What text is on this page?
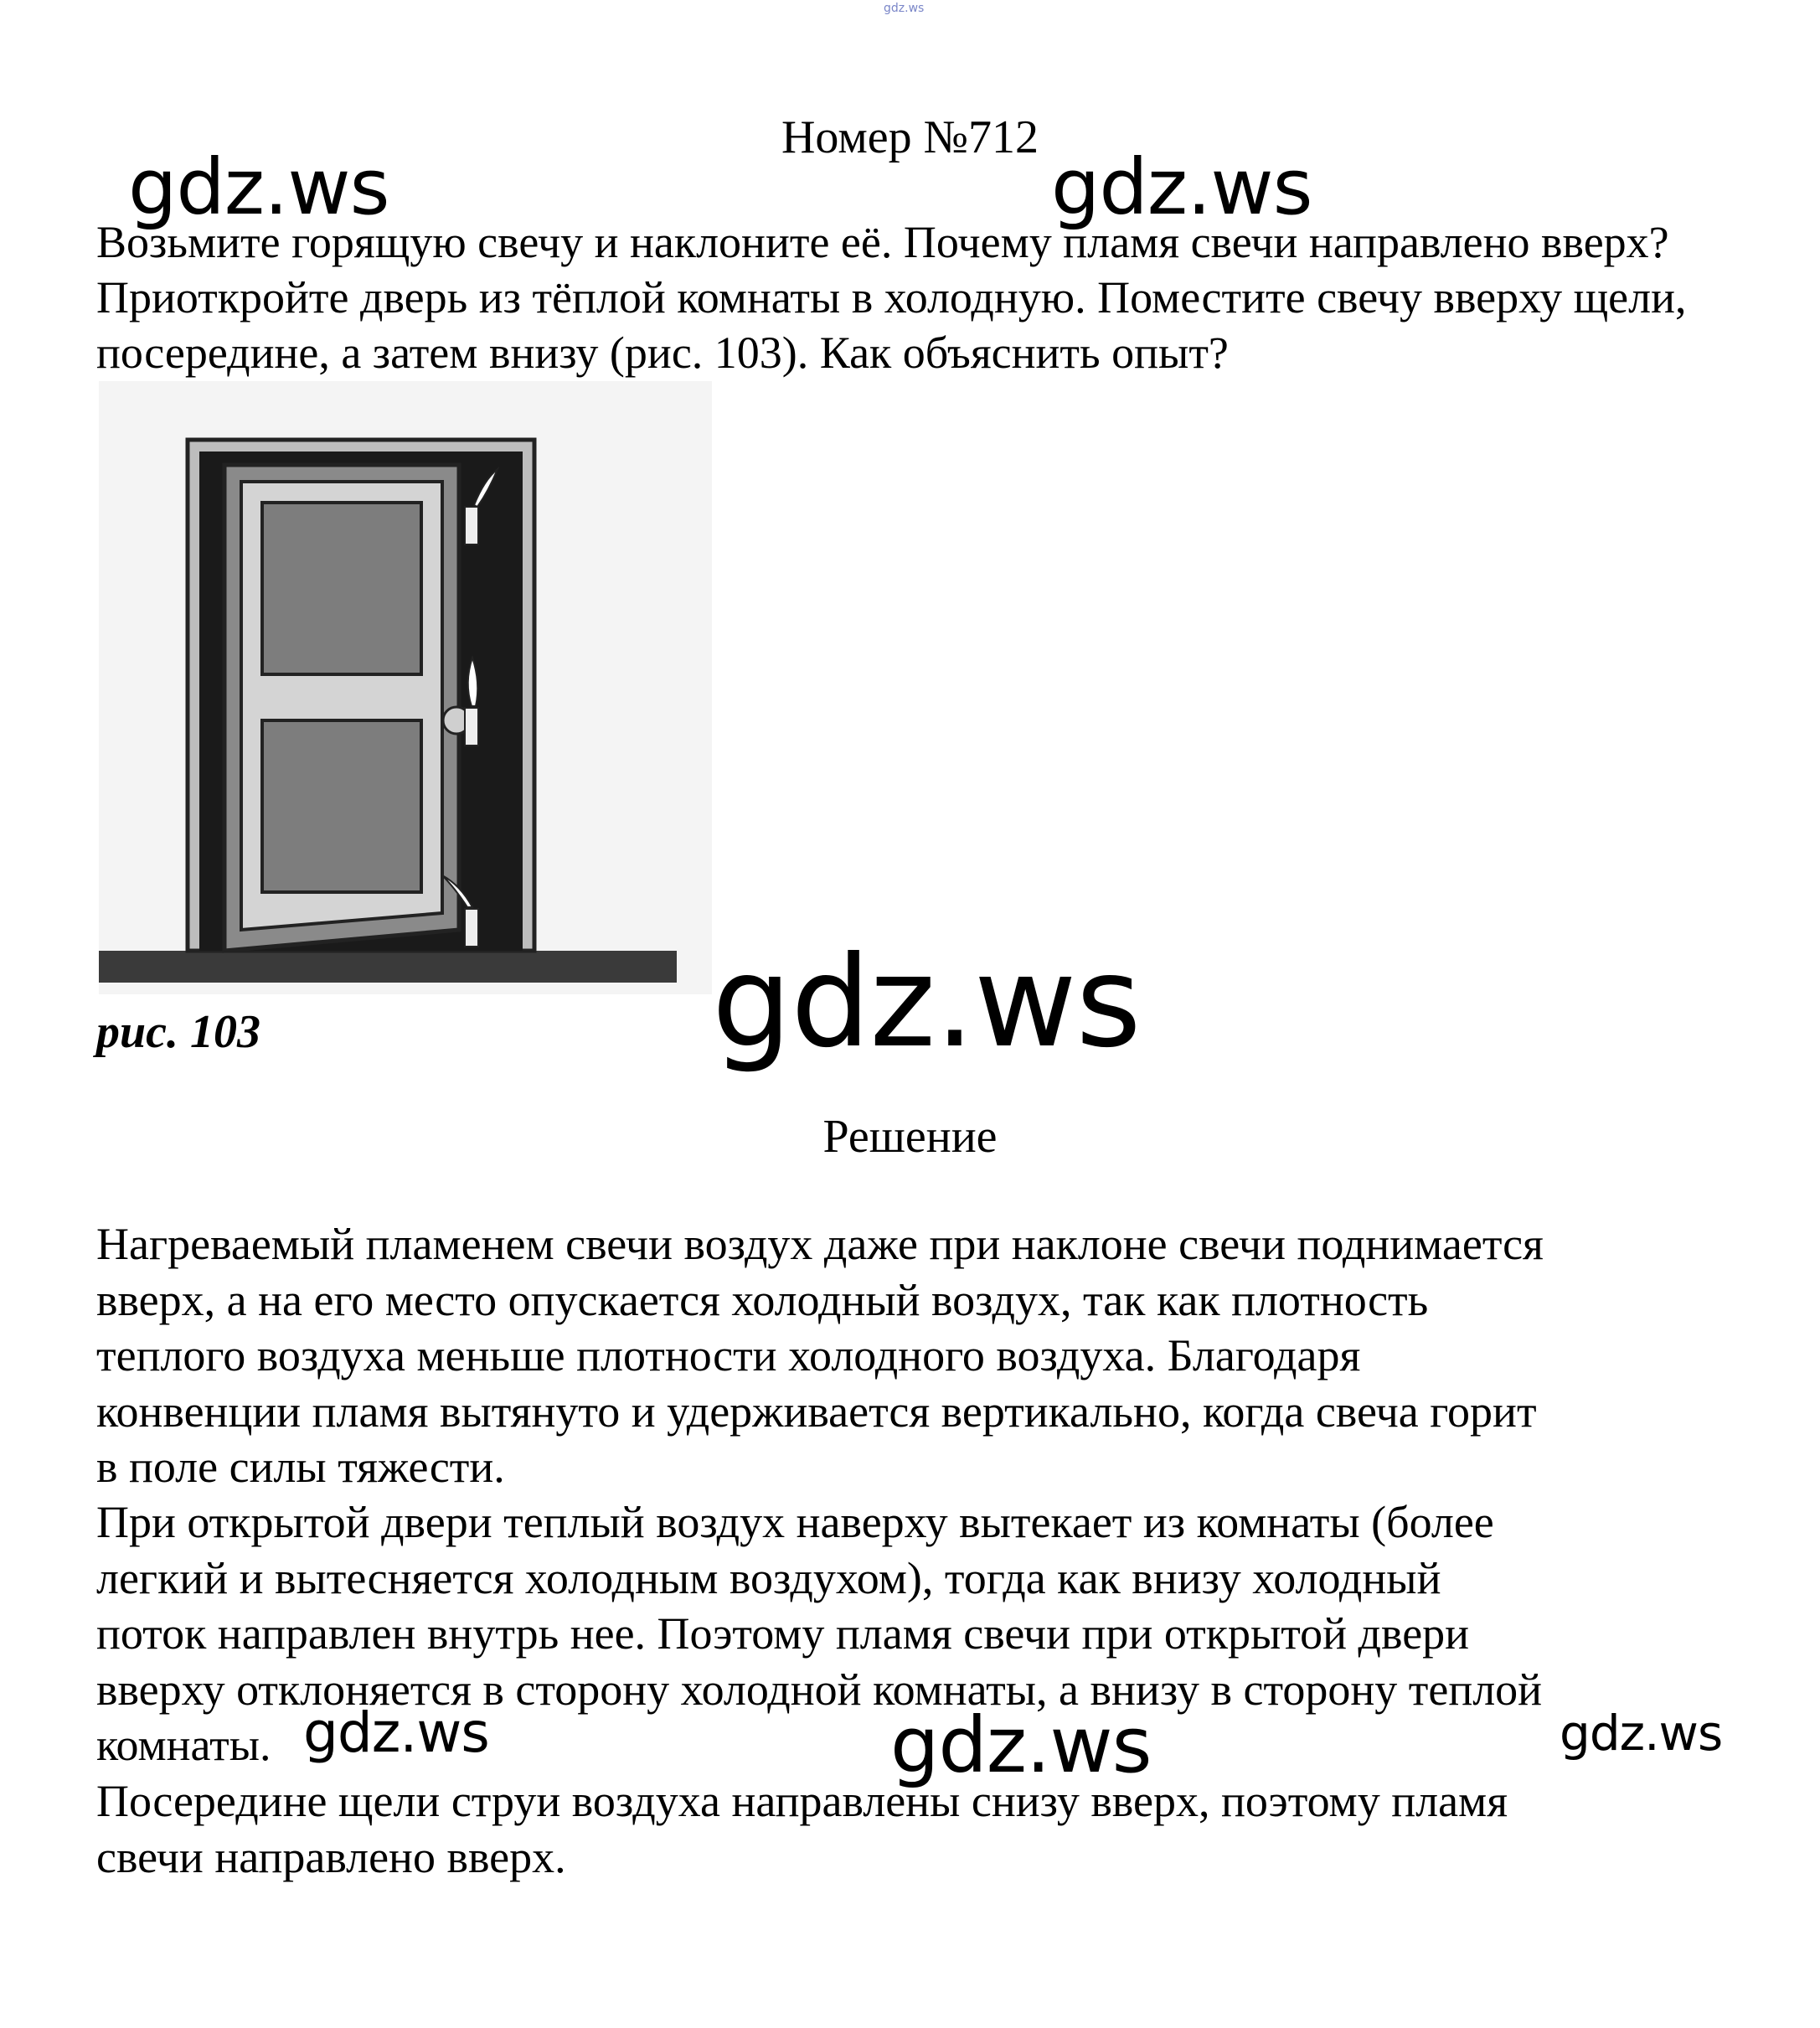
gdz.ws
Номер №712

Возьмите горящую свечу и наклоните её. Почему пламя свечи направлено вверх? Приоткройте дверь из тёплой комнаты в холодную. Поместите свечу вверху щели, посередине, а затем внизу (рис. 103). Как объяснить опыт?

рис. 103
Решение

Нагреваемый пламенем свечи воздух даже при наклоне свечи поднимается
вверх, а на его место опускается холодный воздух, так как плотность
теплого воздуха меньше плотности холодного воздуха. Благодаря
конвенции пламя вытянуто и удерживается вертикально, когда свеча горит
в поле силы тяжести.

При открытой двери теплый воздух наверху вытекает из комнаты (более
легкий и вытесняется холодным воздухом), тогда как внизу холодный
поток направлен внутрь нее. Поэтому пламя свечи при открытой двери
вверху отклоняется в сторону холодной комнаты, а внизу в сторону теплой
комнаты.

Посередине щели струи воздуха направлены снизу вверх, поэтому пламя
свечи направлено вверх.

gdz.ws	gdz.ws
gdz.ws
gdz.ws	gdz.ws	gdz.ws
